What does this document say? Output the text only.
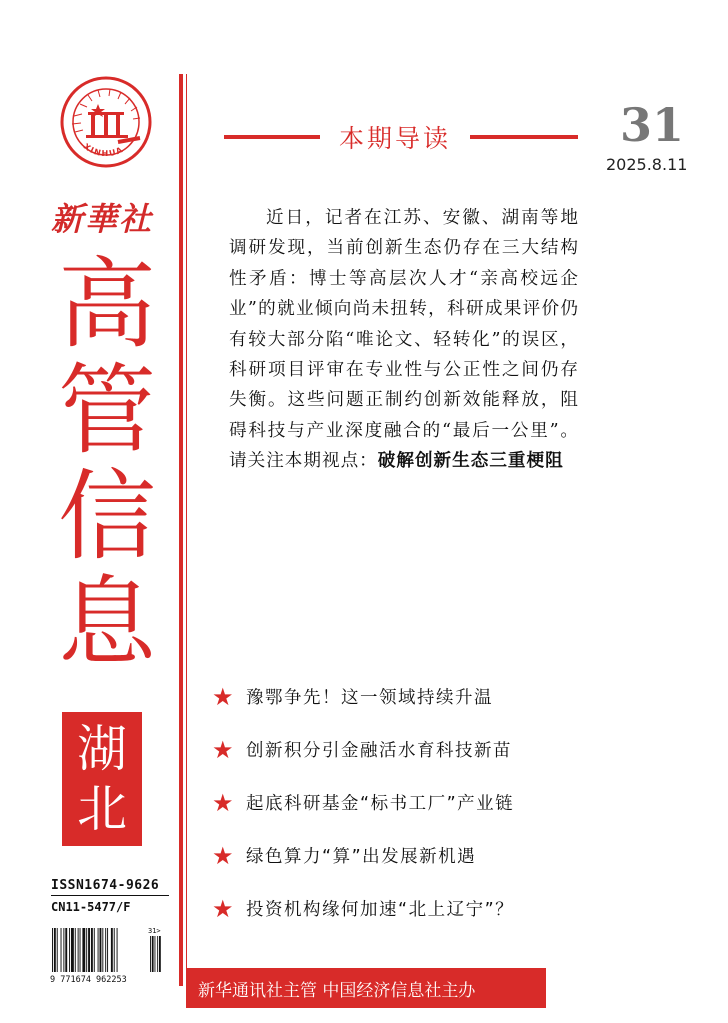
XINHUA
新華社
高
管
信
息
湖
北
ISSN1674-9626
CN11-5477/F
9 771674 962253
31>
本期导读	31
2025.8.11
近日，记者在江苏、安徽、湖南等地调研发现，当前创新生态仍存在三大结构性矛盾：博士等高层次人才“亲高校远企业”的就业倾向尚未扭转，科研成果评价仍有较大部分陷“唯论文、轻转化”的误区，科研项目评审在专业性与公正性之间仍存失衡。这些问题正制约创新效能释放，阻碍科技与产业深度融合的“最后一公里”。请关注本期视点：破解创新生态三重梗阻
★ 豫鄂争先！这一领域持续升温
★ 创新积分引金融活水育科技新苗
★ 起底科研基金“标书工厂”产业链
★ 绿色算力“算”出发展新机遇
★ 投资机构缘何加速“北上辽宁”？
新华通讯社主管 中国经济信息社主办
